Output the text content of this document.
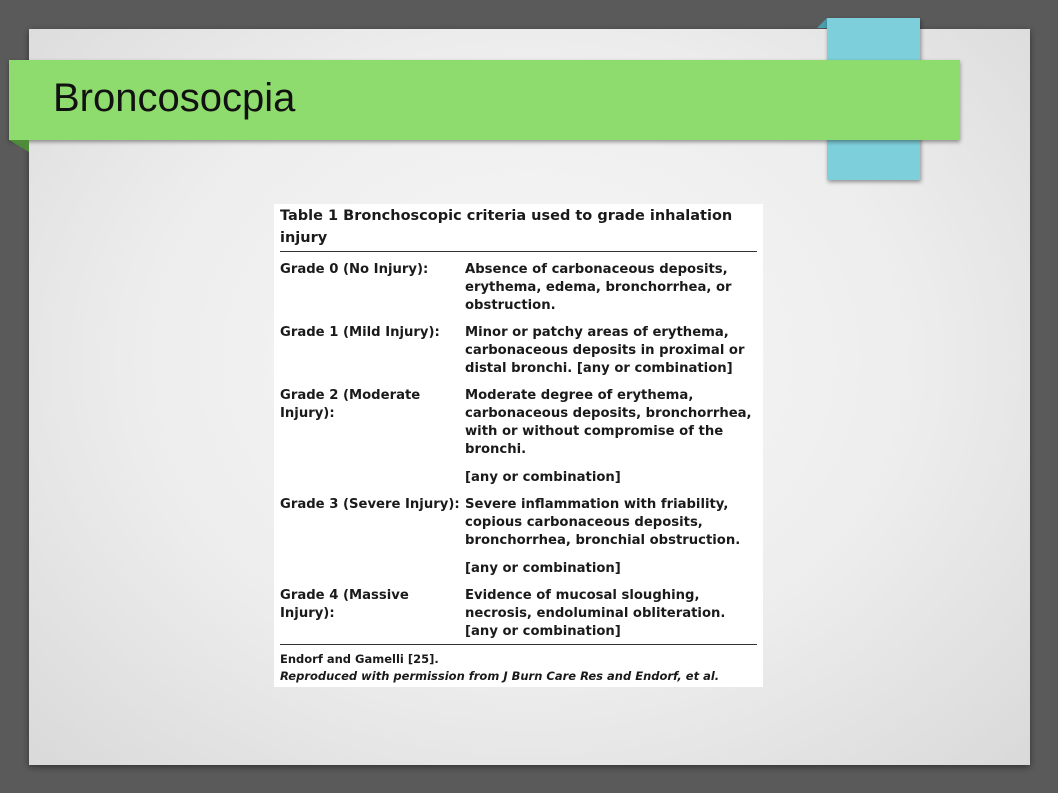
Broncosocpia
Table 1 Bronchoscopic criteria used to grade inhalation injury
Grade 0 (No Injury):	Absence of carbonaceous deposits, erythema, edema, bronchorrhea, or obstruction.
Grade 1 (Mild Injury):	Minor or patchy areas of erythema, carbonaceous deposits in proximal or distal bronchi. [any or combination]
Grade 2 (Moderate Injury):
Moderate degree of erythema, carbonaceous deposits, bronchorrhea, with or without compromise of the bronchi.
[any or combination]
Grade 3 (Severe Injury): Severe inflammation with friability, copious carbonaceous deposits, bronchorrhea, bronchial obstruction.
[any or combination]
Grade 4 (Massive Injury):
Evidence of mucosal sloughing, necrosis, endoluminal obliteration. [any or combination]
Endorf and Gamelli [25].
Reproduced with permission from J Burn Care Res and Endorf, et al.
